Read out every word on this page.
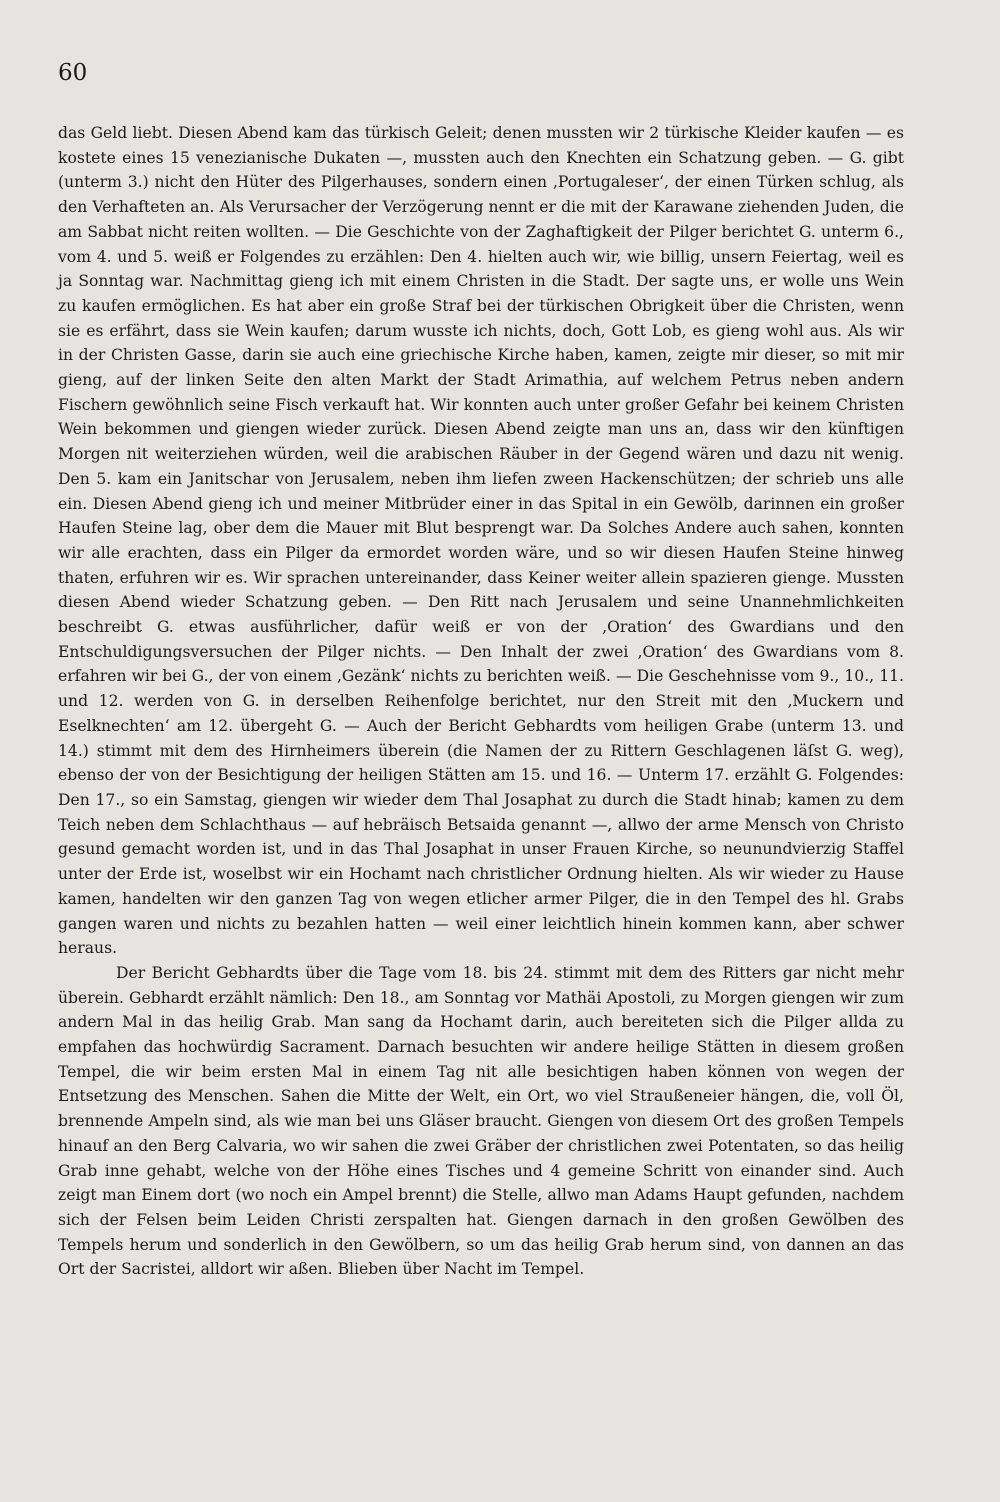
60

das Geld liebt. Diesen Abend kam das türkisch Geleit; denen mussten wir 2 türkische Kleider kaufen — es kostete eines 15 venezianische Dukaten —, mussten auch den Knechten ein Schatzung geben. — G. gibt (unterm 3.) nicht den Hüter des Pilgerhauses, sondern einen ‚Portugaleser‘, der einen Türken schlug, als den Verhafteten an. Als Verursacher der Verzögerung nennt er die mit der Karawane ziehenden Juden, die am Sabbat nicht reiten wollten. — Die Geschichte von der Zaghaftigkeit der Pilger berichtet G. unterm 6., vom 4. und 5. weiß er Folgendes zu erzählen: Den 4. hielten auch wir, wie billig, unsern Feiertag, weil es ja Sonntag war. Nachmittag gieng ich mit einem Christen in die Stadt. Der sagte uns, er wolle uns Wein zu kaufen ermöglichen. Es hat aber ein große Straf bei der türkischen Obrigkeit über die Christen, wenn sie es erfährt, dass sie Wein kaufen; darum wusste ich nichts, doch, Gott Lob, es gieng wohl aus. Als wir in der Christen Gasse, darin sie auch eine griechische Kirche haben, kamen, zeigte mir dieser, so mit mir gieng, auf der linken Seite den alten Markt der Stadt Arimathia, auf welchem Petrus neben andern Fischern gewöhnlich seine Fisch verkauft hat. Wir konnten auch unter großer Gefahr bei keinem Christen Wein bekommen und giengen wieder zurück. Diesen Abend zeigte man uns an, dass wir den künftigen Morgen nit weiterziehen würden, weil die arabischen Räuber in der Gegend wären und dazu nit wenig. Den 5. kam ein Janitschar von Jerusalem, neben ihm liefen zween Hackenschützen; der schrieb uns alle ein. Diesen Abend gieng ich und meiner Mitbrüder einer in das Spital in ein Gewölb, darinnen ein großer Haufen Steine lag, ober dem die Mauer mit Blut besprengt war. Da Solches Andere auch sahen, konnten wir alle erachten, dass ein Pilger da ermordet worden wäre, und so wir diesen Haufen Steine hinweg thaten, erfuhren wir es. Wir sprachen untereinander, dass Keiner weiter allein spazieren gienge. Mussten diesen Abend wieder Schatzung geben. — Den Ritt nach Jerusalem und seine Unannehmlichkeiten beschreibt G. etwas ausführlicher, dafür weiß er von der ‚Oration‘ des Gwardians und den Entschuldigungsversuchen der Pilger nichts. — Den Inhalt der zwei ‚Oration‘ des Gwardians vom 8. erfahren wir bei G., der von einem ‚Gezänk‘ nichts zu berichten weiß. — Die Geschehnisse vom 9., 10., 11. und 12. werden von G. in derselben Reihenfolge berichtet, nur den Streit mit den ‚Muckern und Eselknechten‘ am 12. übergeht G. — Auch der Bericht Gebhardts vom heiligen Grabe (unterm 13. und 14.) stimmt mit dem des Hirnheimers überein (die Namen der zu Rittern Geschlagenen läſst G. weg), ebenso der von der Besichtigung der heiligen Stätten am 15. und 16. — Unterm 17. erzählt G. Folgendes: Den 17., so ein Samstag, giengen wir wieder dem Thal Josaphat zu durch die Stadt hinab; kamen zu dem Teich neben dem Schlachthaus — auf hebräisch Betsaida genannt —, allwo der arme Mensch von Christo gesund gemacht worden ist, und in das Thal Josaphat in unser Frauen Kirche, so neunundvierzig Staffel unter der Erde ist, woselbst wir ein Hochamt nach christlicher Ordnung hielten. Als wir wieder zu Hause kamen, handelten wir den ganzen Tag von wegen etlicher armer Pilger, die in den Tempel des hl. Grabs gangen waren und nichts zu bezahlen hatten — weil einer leichtlich hinein kommen kann, aber schwer heraus.

Der Bericht Gebhardts über die Tage vom 18. bis 24. stimmt mit dem des Ritters gar nicht mehr überein. Gebhardt erzählt nämlich: Den 18., am Sonntag vor Mathäi Apostoli, zu Morgen giengen wir zum andern Mal in das heilig Grab. Man sang da Hochamt darin, auch bereiteten sich die Pilger allda zu empfahen das hochwürdig Sacrament. Darnach besuchten wir andere heilige Stätten in diesem großen Tempel, die wir beim ersten Mal in einem Tag nit alle besichtigen haben können von wegen der Entsetzung des Menschen. Sahen die Mitte der Welt, ein Ort, wo viel Straußeneier hängen, die, voll Öl, brennende Ampeln sind, als wie man bei uns Gläser braucht. Giengen von diesem Ort des großen Tempels hinauf an den Berg Calvaria, wo wir sahen die zwei Gräber der christlichen zwei Potentaten, so das heilig Grab inne gehabt, welche von der Höhe eines Tisches und 4 gemeine Schritt von einander sind. Auch zeigt man Einem dort (wo noch ein Ampel brennt) die Stelle, allwo man Adams Haupt gefunden, nachdem sich der Felsen beim Leiden Christi zerspalten hat. Giengen darnach in den großen Gewölben des Tempels herum und sonderlich in den Gewölbern, so um das heilig Grab herum sind, von dannen an das Ort der Sacristei, alldort wir aßen. Blieben über Nacht im Tempel.
